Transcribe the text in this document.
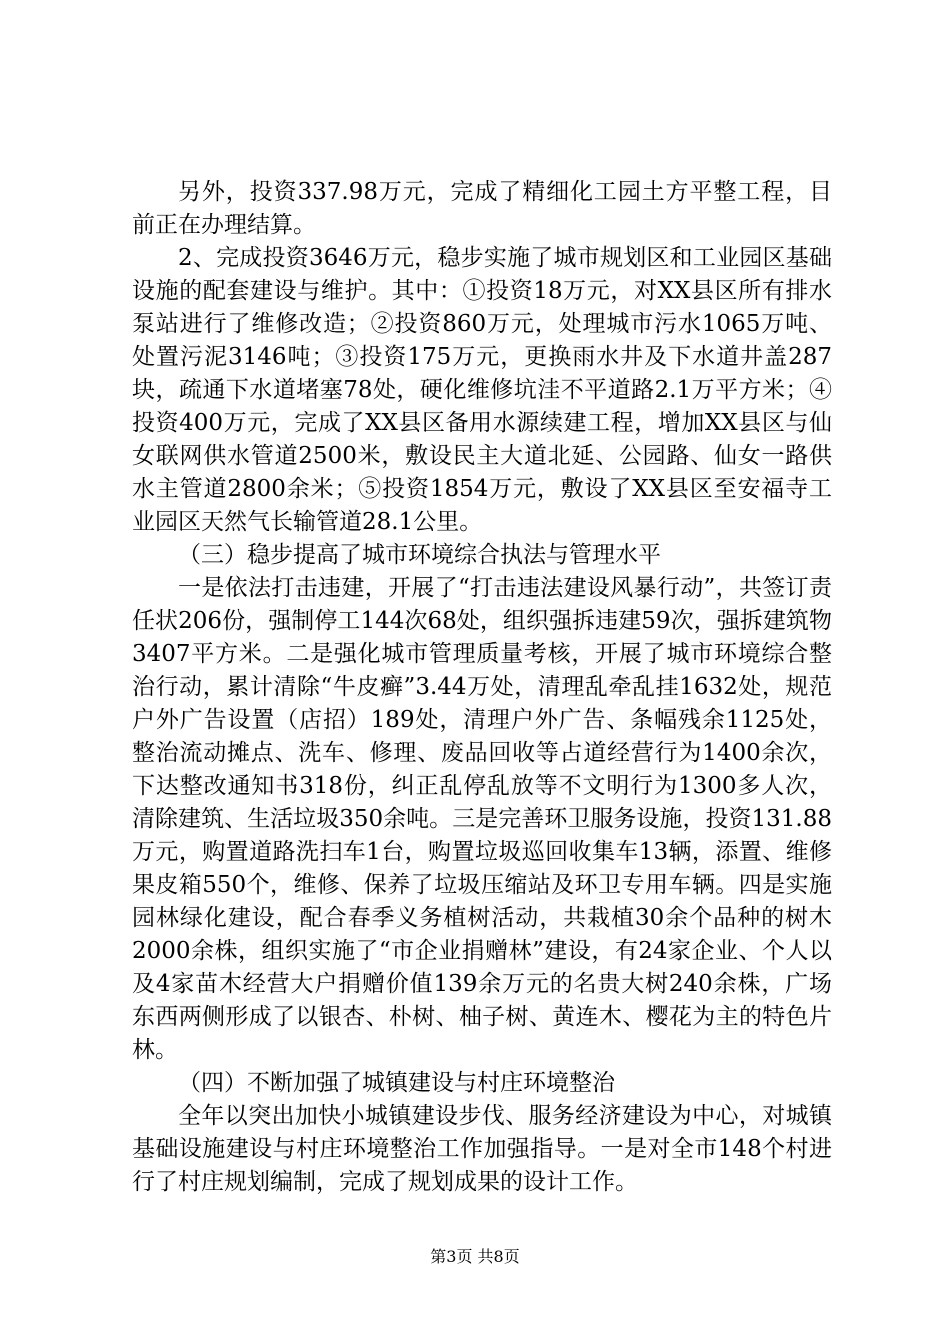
另外，投资337.98万元，完成了精细化工园土方平整工程，目前正在办理结算。

2、完成投资3646万元，稳步实施了城市规划区和工业园区基础设施的配套建设与维护。其中：①投资18万元，对XX县区所有排水泵站进行了维修改造；②投资860万元，处理城市污水1065万吨、处置污泥3146吨；③投资175万元，更换雨水井及下水道井盖287块，疏通下水道堵塞78处，硬化维修坑洼不平道路2.1万平方米；④投资400万元，完成了XX县区备用水源续建工程，增加XX县区与仙女联网供水管道2500米，敷设民主大道北延、公园路、仙女一路供水主管道2800余米；⑤投资1854万元，敷设了XX县区至安福寺工业园区天然气长输管道28.1公里。

（三）稳步提高了城市环境综合执法与管理水平

一是依法打击违建，开展了“打击违法建设风暴行动”，共签订责任状206份，强制停工144次68处，组织强拆违建59次，强拆建筑物3407平方米。二是强化城市管理质量考核，开展了城市环境综合整治行动，累计清除“牛皮癣”3.44万处，清理乱牵乱挂1632处，规范户外广告设置（店招）189处，清理户外广告、条幅残余1125处，整治流动摊点、洗车、修理、废品回收等占道经营行为1400余次，下达整改通知书318份，纠正乱停乱放等不文明行为1300多人次，清除建筑、生活垃圾350余吨。三是完善环卫服务设施，投资131.88万元，购置道路洗扫车1台，购置垃圾巡回收集车13辆，添置、维修果皮箱550个，维修、保养了垃圾压缩站及环卫专用车辆。四是实施园林绿化建设，配合春季义务植树活动，共栽植30余个品种的树木2000余株，组织实施了“市企业捐赠林”建设，有24家企业、个人以及4家苗木经营大户捐赠价值139余万元的名贵大树240余株，广场东西两侧形成了以银杏、朴树、柚子树、黄连木、樱花为主的特色片林。

（四）不断加强了城镇建设与村庄环境整治

全年以突出加快小城镇建设步伐、服务经济建设为中心，对城镇基础设施建设与村庄环境整治工作加强指导。一是对全市148个村进行了村庄规划编制，完成了规划成果的设计工作。

第3页 共8页
